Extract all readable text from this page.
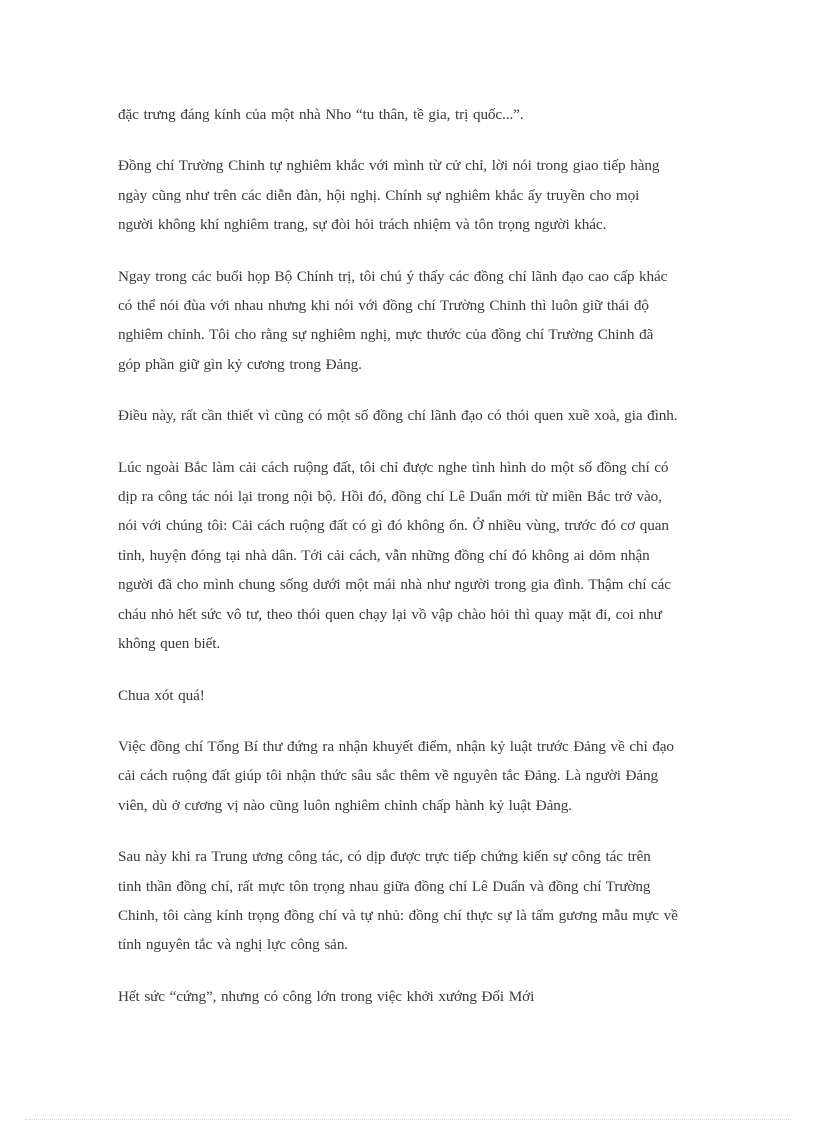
đặc trưng đáng kính của một nhà Nho “tu thân, tề gia, trị quốc...”.

Đồng chí Trường Chinh tự nghiêm khắc với mình từ cử chỉ, lời nói trong giao tiếp hàng
ngày cũng như trên các diễn đàn, hội nghị. Chính sự nghiêm khắc ấy truyền cho mọi
người không khí nghiêm trang, sự đòi hỏi trách nhiệm và tôn trọng người khác.

Ngay trong các buổi họp Bộ Chính trị, tôi chú ý thấy các đồng chí lãnh đạo cao cấp khác
có thể nói đùa với nhau nhưng khi nói với đồng chí Trường Chinh thì luôn giữ thái độ
nghiêm chỉnh. Tôi cho rằng sự nghiêm nghị, mực thước của đồng chí Trường Chinh đã
góp phần giữ gìn kỷ cương trong Đảng.

Điều này, rất cần thiết vì cũng có một số đồng chí lãnh đạo có thói quen xuề xoà, gia đình.

Lúc ngoài Bắc làm cải cách ruộng đất, tôi chỉ được nghe tình hình do một số đồng chí có
dịp ra công tác nói lại trong nội bộ. Hồi đó, đồng chí Lê Duẩn mới từ miền Bắc trở vào,
nói với chúng tôi: Cải cách ruộng đất có gì đó không ổn. Ở nhiều vùng, trước đó cơ quan
tỉnh, huyện đóng tại nhà dân. Tới cải cách, vẫn những đồng chí đó không ai dỏm nhận
người đã cho mình chung sống dưới một mái nhà như người trong gia đình. Thậm chí các
cháu nhỏ hết sức vô tư, theo thói quen chạy lại vồ vập chào hỏi thì quay mặt đi, coi như
không quen biết.

Chua xót quá!

Việc đồng chí Tổng Bí thư đứng ra nhận khuyết điểm, nhận kỷ luật trước Đảng về chỉ đạo
cải cách ruộng đất giúp tôi nhận thức sâu sắc thêm về nguyên tắc Đảng. Là người Đảng
viên, dù ở cương vị nào cũng luôn nghiêm chỉnh chấp hành kỷ luật Đảng.

Sau này khi ra Trung ương công tác, có dịp được trực tiếp chứng kiến sự công tác trên
tinh thần đồng chí, rất mực tôn trọng nhau giữa đồng chí Lê Duẩn và đồng chí Trường
Chinh, tôi càng kính trọng đồng chí và tự nhủ: đồng chí thực sự là tấm gương mẫu mực về
tính nguyên tắc và nghị lực công sản.

Hết sức “cứng”, nhưng có công lớn trong việc khởi xướng Đổi Mới
